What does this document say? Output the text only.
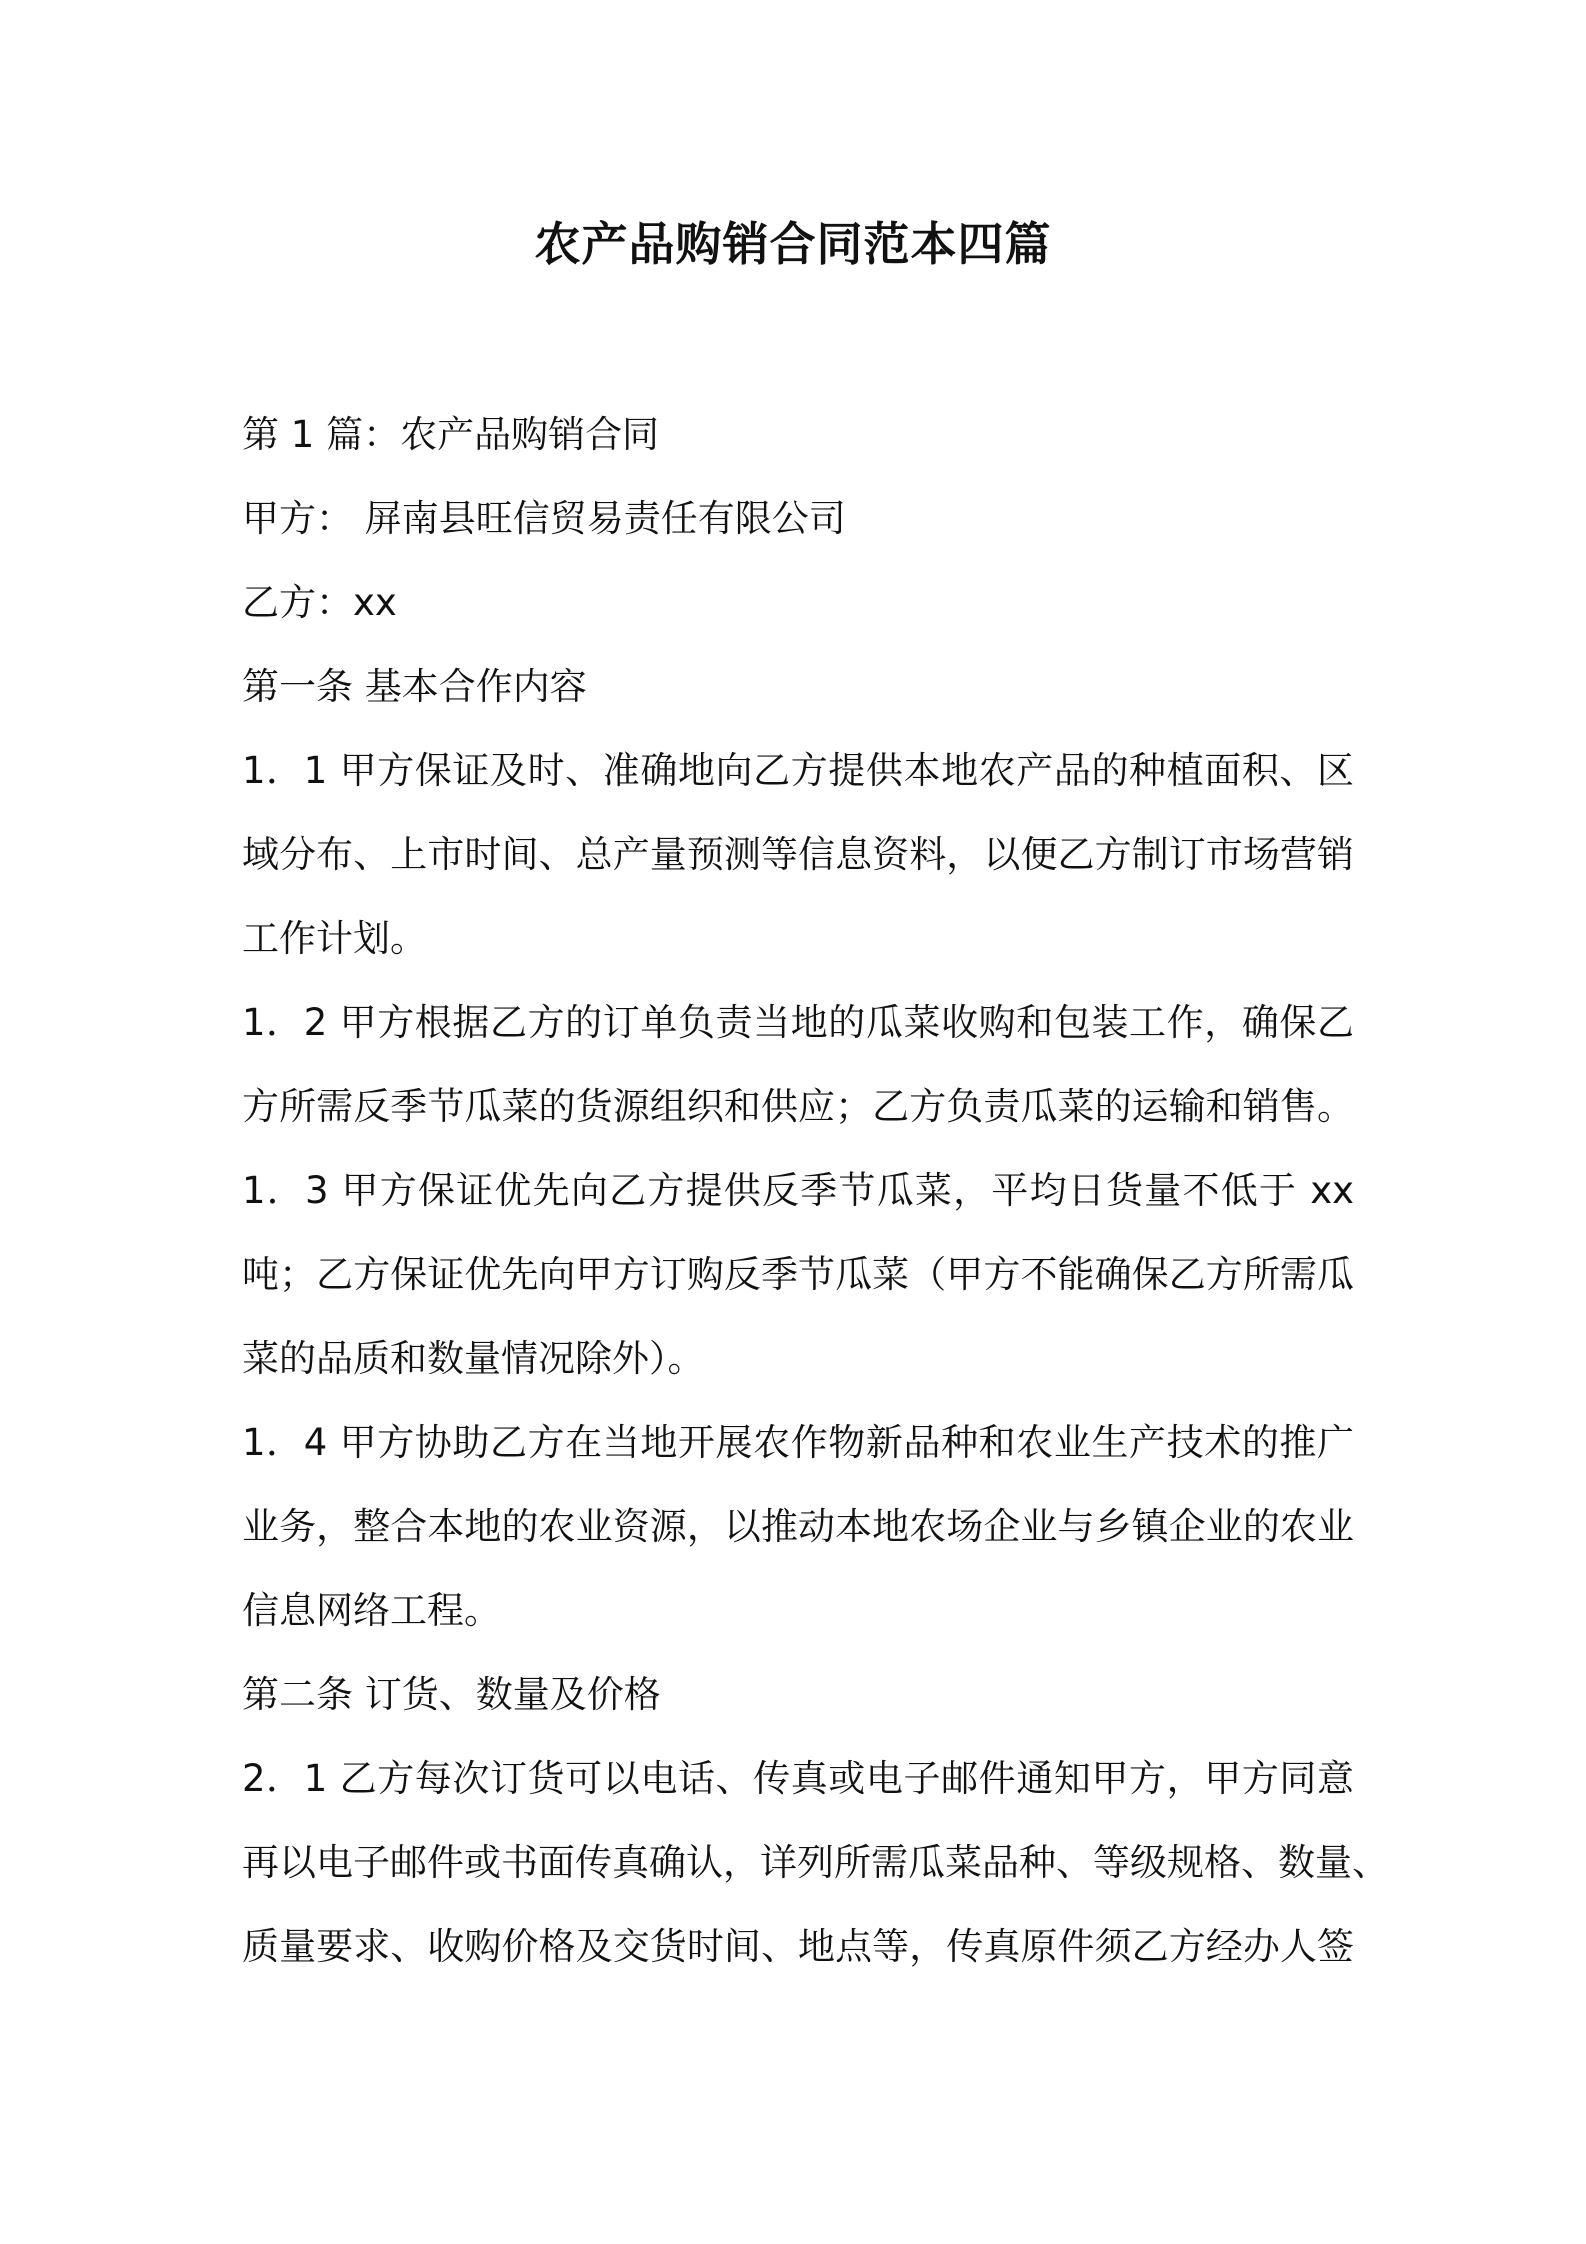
农产品购销合同范本四篇

第 1 篇：农产品购销合同

甲方： 屏南县旺信贸易责任有限公司

乙方：xx

第一条 基本合作内容

1．1 甲方保证及时、准确地向乙方提供本地农产品的种植面积、区

域分布、上市时间、总产量预测等信息资料，以便乙方制订市场营销

工作计划。

1．2 甲方根据乙方的订单负责当地的瓜菜收购和包装工作，确保乙

方所需反季节瓜菜的货源组织和供应；乙方负责瓜菜的运输和销售。

1．3 甲方保证优先向乙方提供反季节瓜菜，平均日货量不低于 xx

吨；乙方保证优先向甲方订购反季节瓜菜（甲方不能确保乙方所需瓜

菜的品质和数量情况除外）。

1．4 甲方协助乙方在当地开展农作物新品种和农业生产技术的推广

业务，整合本地的农业资源，以推动本地农场企业与乡镇企业的农业

信息网络工程。

第二条 订货、数量及价格

2．1 乙方每次订货可以电话、传真或电子邮件通知甲方，甲方同意

再以电子邮件或书面传真确认，详列所需瓜菜品种、等级规格、数量、

质量要求、收购价格及交货时间、地点等，传真原件须乙方经办人签
